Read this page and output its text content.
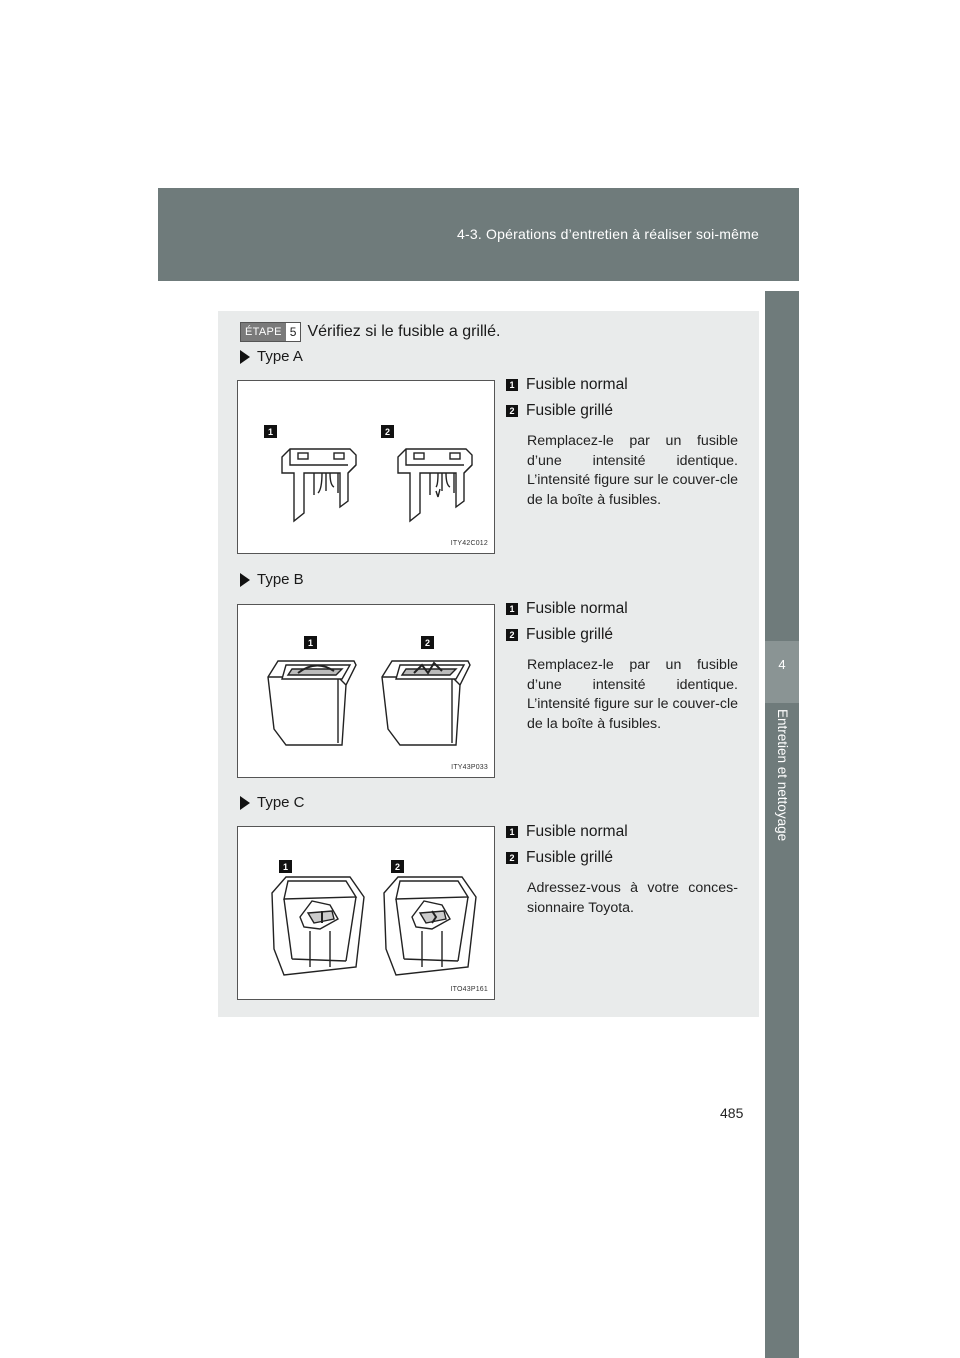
4-3. Opérations d’entretien à réaliser soi-même
4
Entretien et nettoyage
485
ÉTAPE 5 Vérifiez si le fusible a grillé.
Type A
1	2
ITY42C012
1 Fusible normal
2 Fusible grillé
Remplacez-le par un fusible d’une intensité identique. L’intensité figure sur le couver-cle de la boîte à fusibles.
Type B
1	2
ITY43P033
1 Fusible normal
2 Fusible grillé
Remplacez-le par un fusible d’une intensité identique. L’intensité figure sur le couver-cle de la boîte à fusibles.
Type C
1	2
ITO43P161
1 Fusible normal
2 Fusible grillé
Adressez-vous à votre conces-sionnaire Toyota.
